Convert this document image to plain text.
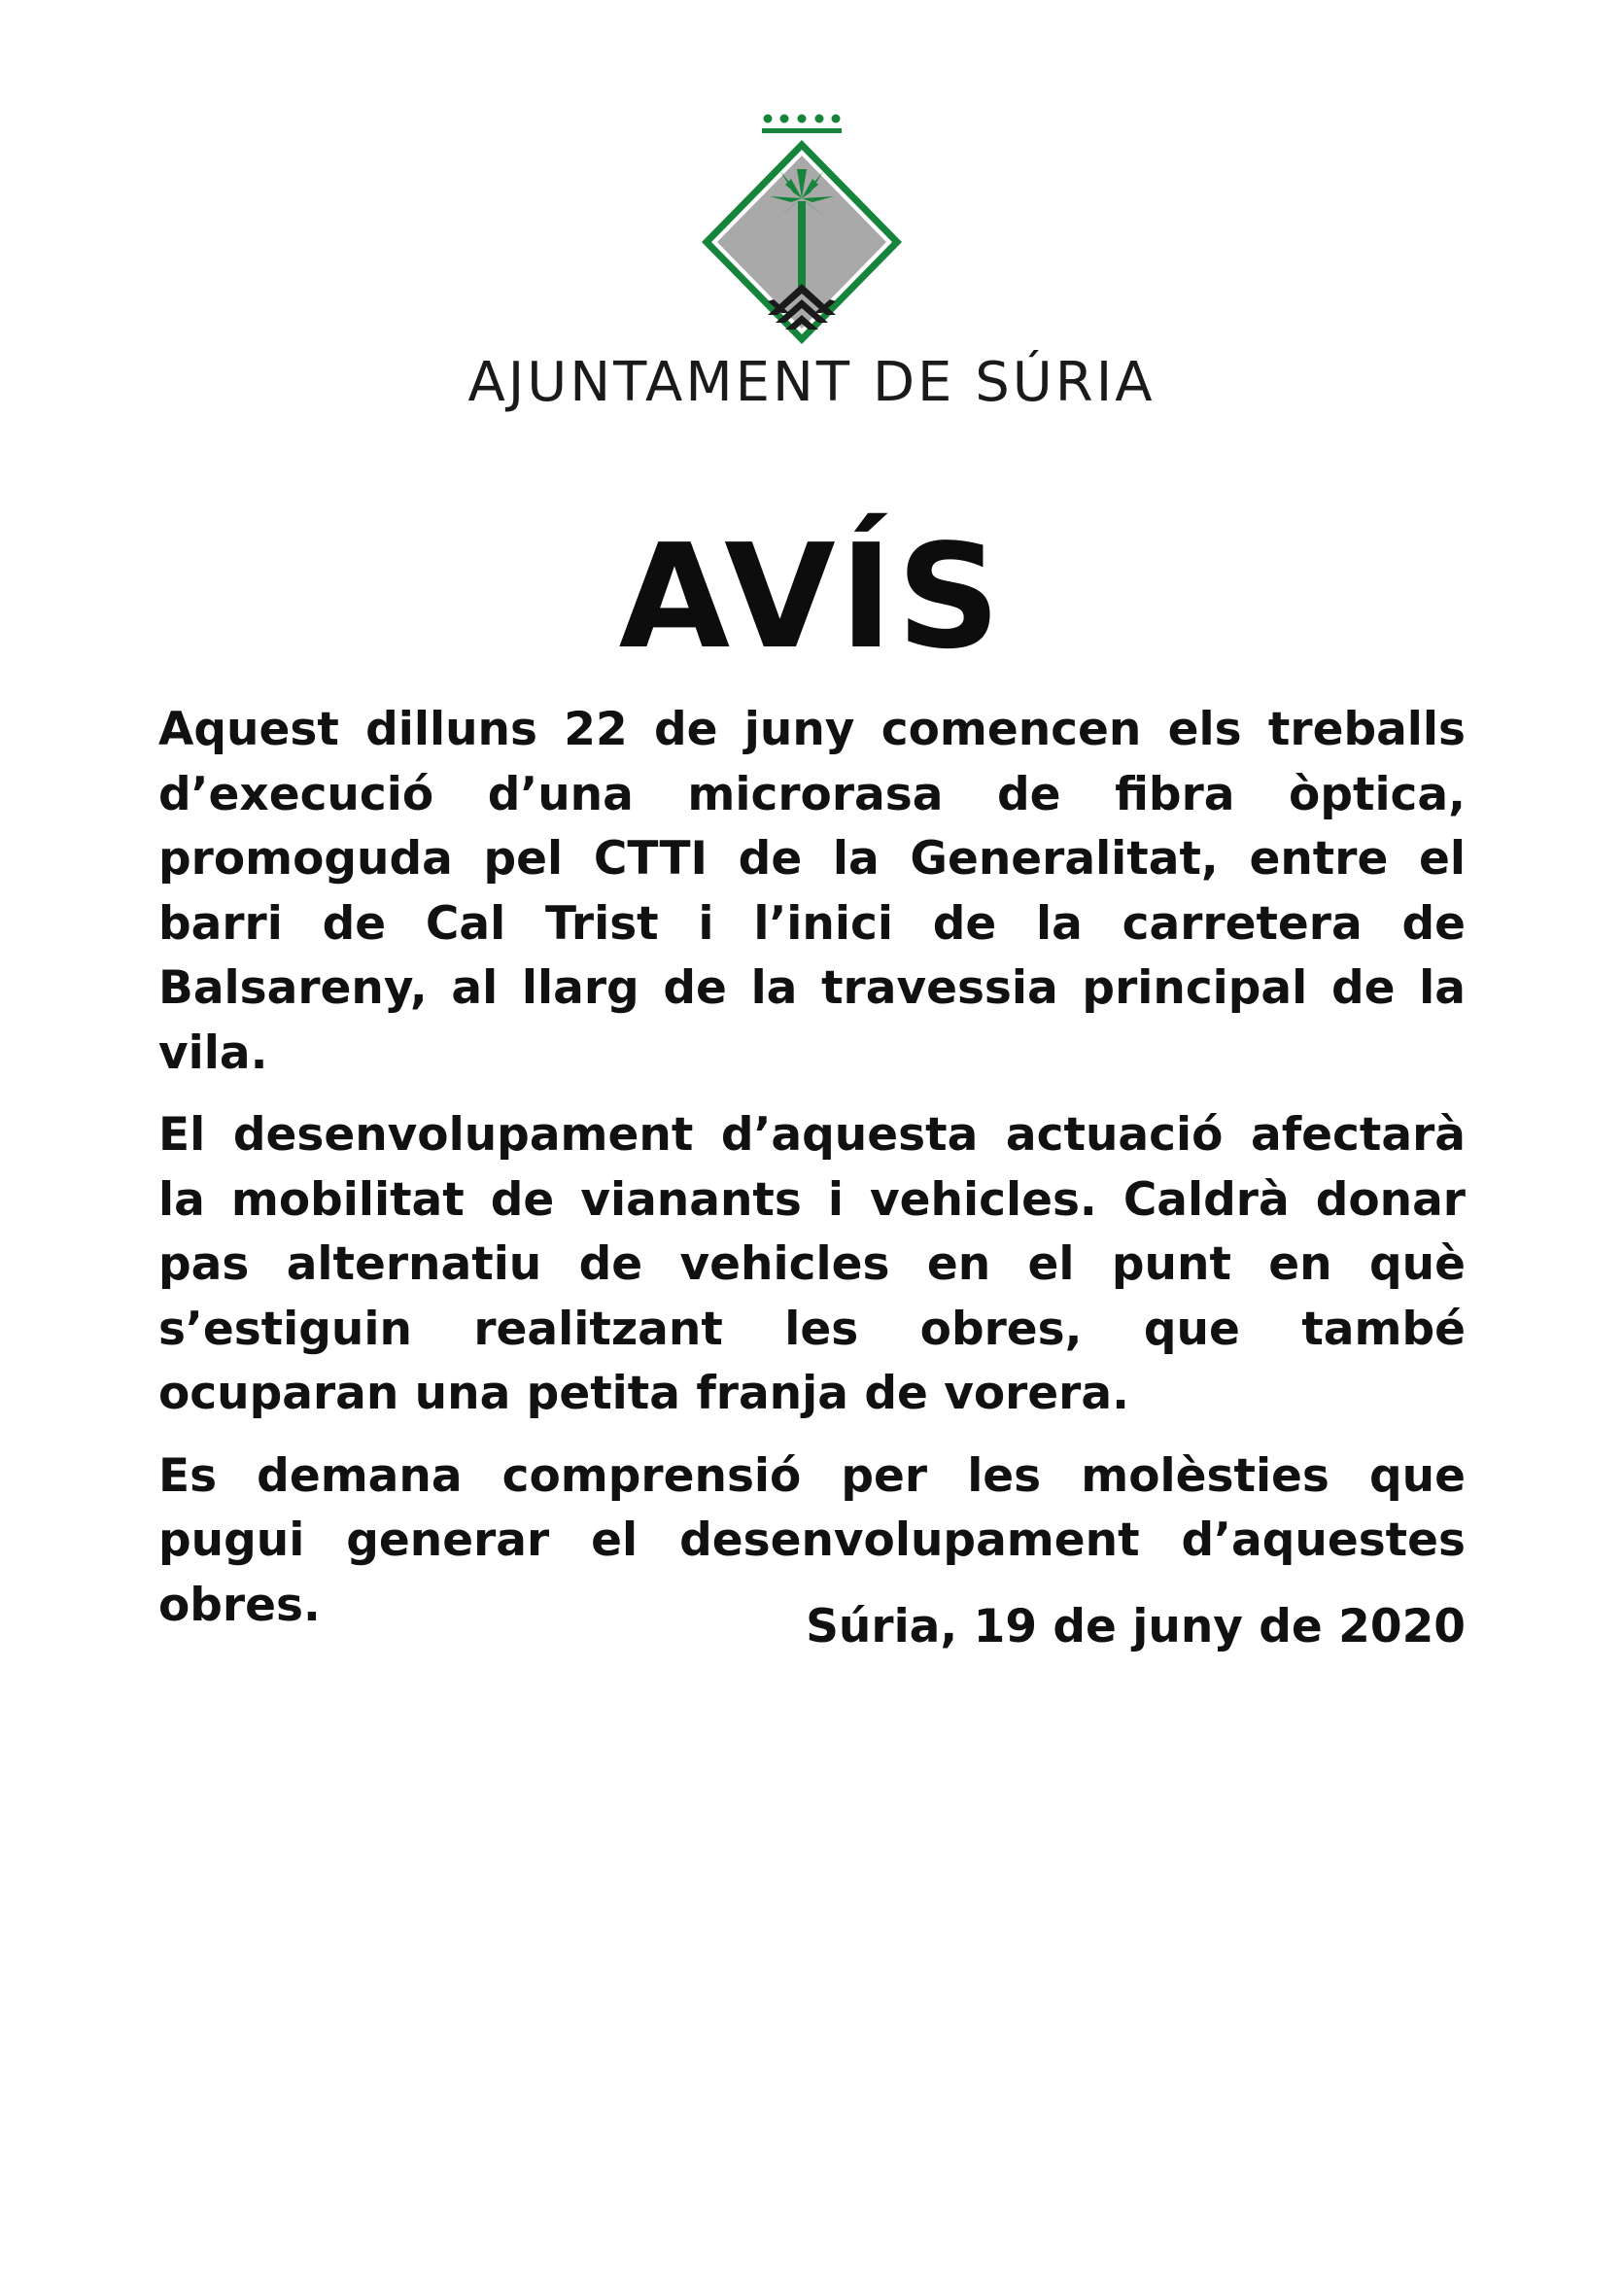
AJUNTAMENT DE SÚRIA
AVÍS

Aquest dilluns 22 de juny comencen els treballs d’execució d’una microrasa de fibra òptica, promoguda pel CTTI de la Generalitat, entre el barri de Cal Trist i l’inici de la carretera de Balsareny, al llarg de la travessia principal de la vila.

El desenvolupament d’aquesta actuació afectarà la mobilitat de vianants i vehicles. Caldrà donar pas alternatiu de vehicles en el punt en què s’estiguin realitzant les obres, que també ocuparan una petita franja de vorera.

Es demana comprensió per les molèsties que pugui generar el desenvolupament d’aquestes obres.	Súria, 19 de juny de 2020
